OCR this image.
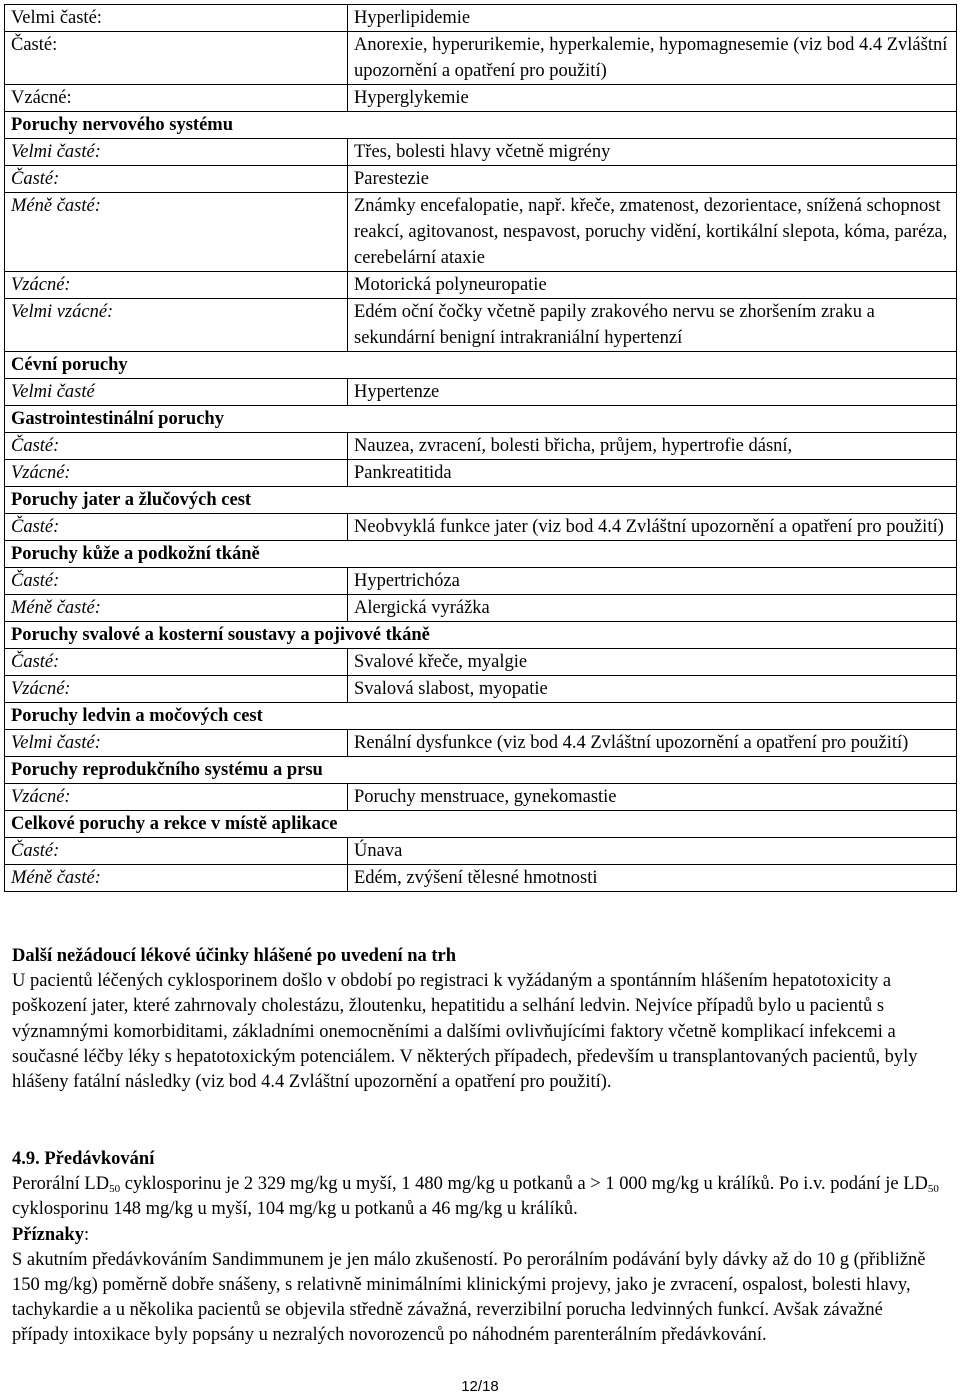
Velmi časté:	Hyperlipidemie
Časté:	Anorexie, hyperurikemie, hyperkalemie, hypomagnesemie (viz bod 4.4 Zvláštní upozornění a opatření pro použití)
Vzácné:	Hyperglykemie
Poruchy nervového systému	
Velmi časté:	Třes, bolesti hlavy včetně migrény
Časté:	Parestezie
Méně časté:	Známky encefalopatie, např. křeče, zmatenost, dezorientace, snížená schopnost reakcí, agitovanost, nespavost, poruchy vidění, kortikální slepota, kóma, paréza, cerebelární ataxie
Vzácné:	Motorická polyneuropatie
Velmi vzácné:	Edém oční čočky včetně papily zrakového nervu se zhoršením zraku a sekundární benigní intrakraniální hypertenzí
Cévní poruchy	
Velmi časté	Hypertenze
Gastrointestinální poruchy	
Časté:	Nauzea, zvracení, bolesti břicha, průjem, hypertrofie dásní,
Vzácné:	Pankreatitida
Poruchy jater a žlučových cest	
Časté:	Neobvyklá funkce jater (viz bod 4.4 Zvláštní upozornění a opatření pro použití)
Poruchy kůže a podkožní tkáně	
Časté:	Hypertrichóza
Méně časté:	Alergická vyrážka
Poruchy svalové a kosterní soustavy a pojivové tkáně	
Časté:	Svalové křeče, myalgie
Vzácné:	Svalová slabost, myopatie
Poruchy ledvin a močových cest	
Velmi časté:	Renální dysfunkce (viz bod 4.4 Zvláštní upozornění a opatření pro použití)
Poruchy reprodukčního systému a prsu	
Vzácné:	Poruchy menstruace, gynekomastie
Celkové poruchy a rekce v místě aplikace	
Časté:	Únava
Méně časté:	Edém, zvýšení tělesné hmotnosti

Další nežádoucí lékové účinky hlášené po uvedení na trh

U pacientů léčených cyklosporinem došlo v období po registraci k vyžádaným a spontánním hlášením hepatotoxicity a poškození jater, které zahrnovaly cholestázu, žloutenku, hepatitidu a selhání ledvin. Nejvíce případů bylo u pacientů s významnými komorbiditami, základními onemocněními a dalšími ovlivňujícími faktory včetně komplikací infekcemi a současné léčby léky s hepatotoxickým potenciálem. V některých případech, především u transplantovaných pacientů, byly hlášeny fatální následky (viz bod 4.4 Zvláštní upozornění a opatření pro použití).

4.9. Předávkování

Perorální $LD_{50}$ cyklosporinu je 2 329 mg/kg u myší, 1 480 mg/kg u potkanů a > 1 000 mg/kg u králíků. Po i.v. podání je $LD_{50}$ cyklosporinu 148 mg/kg u myší, 104 mg/kg u potkanů a 46 mg/kg u králíků.

Příznaky:

S akutním předávkováním Sandimmunem je jen málo zkušeností. Po perorálním podávání byly dávky až do 10 g (přibližně 150 mg/kg) poměrně dobře snášeny, s relativně minimálními klinickými projevy, jako je zvracení, ospalost, bolesti hlavy, tachykardie a u několika pacientů se objevila středně závažná, reverzibilní porucha ledvinných funkcí. Avšak závažné případy intoxikace byly popsány u nezralých novorozenců po náhodném parenterálním předávkování.

12/18
